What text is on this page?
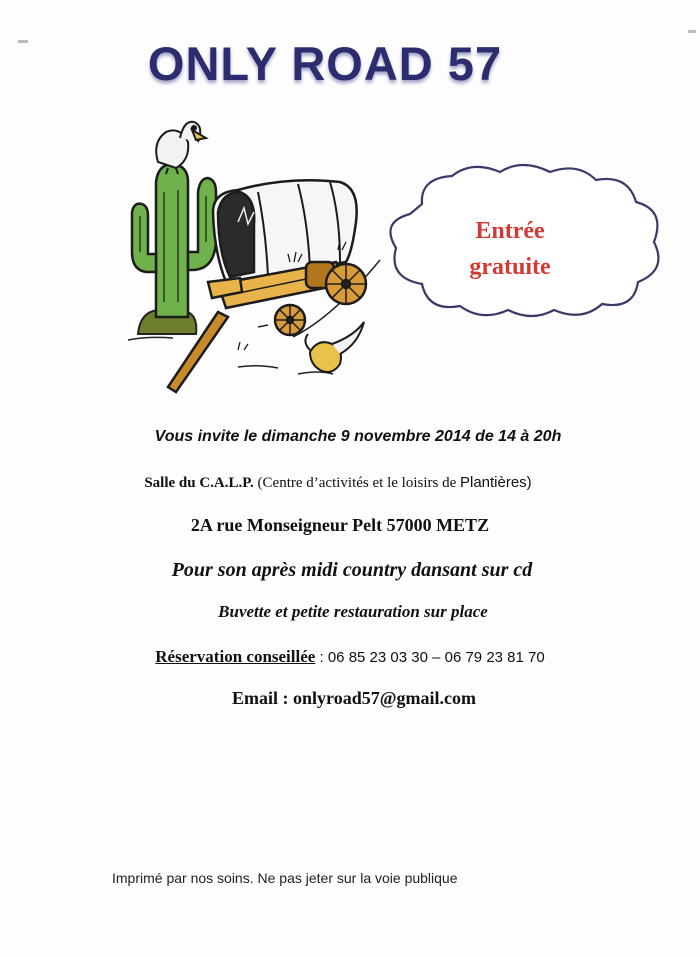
ONLY ROAD 57
Entrée
gratuite
Vous invite le dimanche 9 novembre 2014 de 14 à 20h
Salle du C.A.L.P. (Centre d’activités et le loisirs de Plantières)
2A rue Monseigneur Pelt 57000 METZ
Pour son après midi country dansant sur cd
Buvette et petite restauration sur place
Réservation conseillée : 06 85 23 03 30 – 06 79 23 81 70
Email : onlyroad57@gmail.com
Imprimé par nos soins. Ne pas jeter sur la voie publique
